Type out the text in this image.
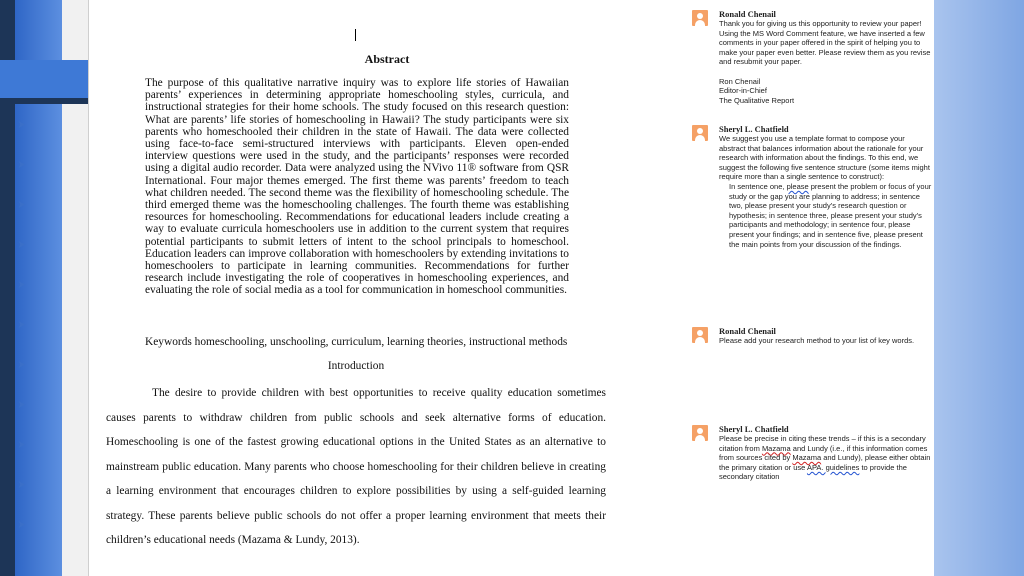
➤
➤
➤
➤
➤
➤
➤
➤
➤
➤
➤
Abstract
The purpose of this qualitative narrative inquiry was to explore life stories of Hawaiian parents’ experiences in determining appropriate homeschooling styles, curricula, and instructional strategies for their home schools. The study focused on this research question: What are parents’ life stories of homeschooling in Hawaii? The study participants were six parents who homeschooled their children in the state of Hawaii. The data were collected using face-to-face semi-structured interviews with participants. Eleven open-ended interview questions were used in the study, and the participants’ responses were recorded using a digital audio recorder. Data were analyzed using the NVivo 11® software from QSR International. Four major themes emerged. The first theme was parents’ freedom to teach what children needed. The second theme was the flexibility of homeschooling schedule. The third emerged theme was the homeschooling challenges. The fourth theme was establishing resources for homeschooling. Recommendations for educational leaders include creating a way to evaluate curricula homeschoolers use in addition to the current system that requires potential participants to submit letters of intent to the school principals to homeschool. Education leaders can improve collaboration with homeschoolers by extending invitations to homeschoolers to participate in learning communities. Recommendations for further research include investigating the role of cooperatives in homeschooling experiences, and evaluating the role of social media as a tool for communication in homeschool communities.
Keywords homeschooling, unschooling, curriculum, learning theories, instructional methods
Introduction
The desire to provide children with best opportunities to receive quality education sometimes causes parents to withdraw children from public schools and seek alternative forms of education. Homeschooling is one of the fastest growing educational options in the United States as an alternative to mainstream public education. Many parents who choose homeschooling for their children believe in creating a learning environment that encourages children to explore possibilities by using a self-guided learning strategy. These parents believe public schools do not offer a proper learning environment that meets their children’s educational needs (Mazama & Lundy, 2013).
Ronald Chenail

Thank you for giving us this opportunity to review your paper! Using the MS Word Comment feature, we have inserted a few comments in your paper offered in the spirit of helping you to make your paper even better. Please review them as you revise and resubmit your paper.

Ron Chenail

Editor-in-Chief

The Qualitative Report

Sheryl L. Chatfield

We suggest you use a template format to compose your abstract that balances information about the rationale for your research with information about the findings. To this end, we suggest the following five sentence structure (some items might require more than a single sentence to construct):

In sentence one, please present the problem or focus of your study or the gap you are planning to address; in sentence two, please present your study’s research question or hypothesis; in sentence three, please present your study’s participants and methodology; in sentence four, please present your findings; and in sentence five, please present the main points from your discussion of the findings.

Ronald Chenail

Please add your research method to your list of key words.

Sheryl L. Chatfield

Please be precise in citing these trends – if this is a secondary citation from Mazama and Lundy (i.e., if this information comes from sources cited by Mazama and Lundy), please either obtain the primary citation or use APA. guidelines to provide the secondary citation
